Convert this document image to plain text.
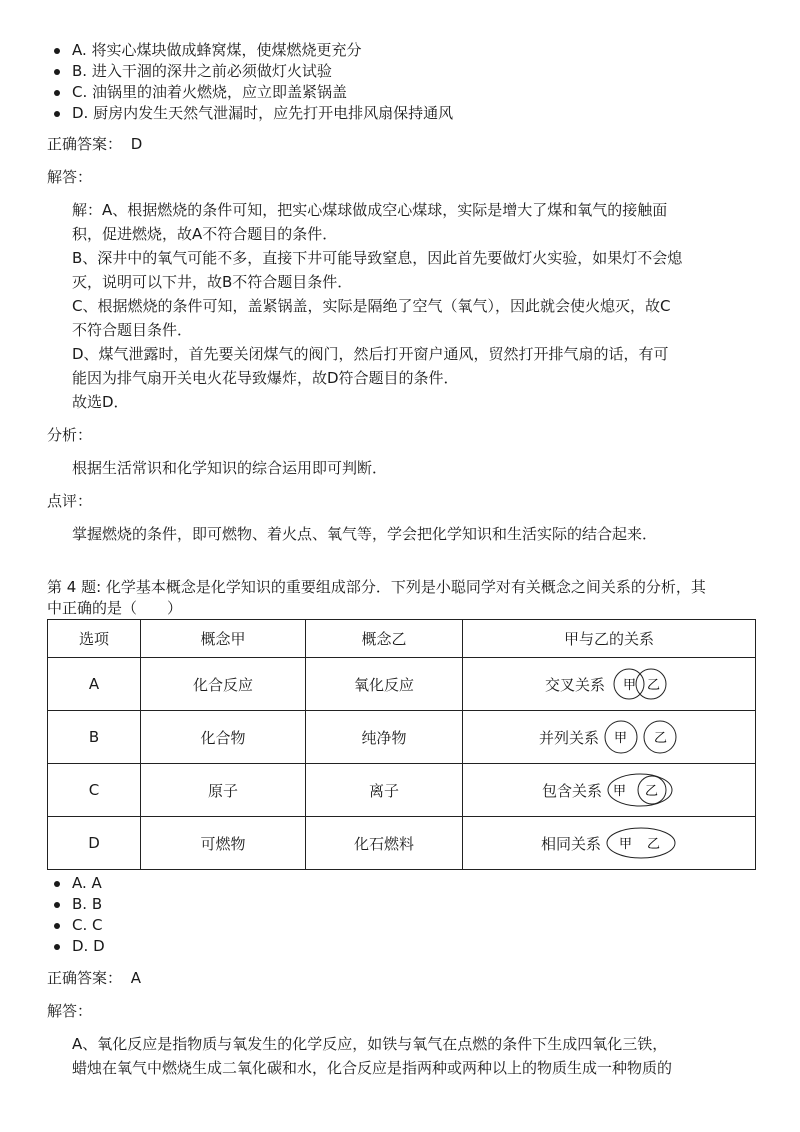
A. 将实心煤块做成蜂窝煤，使煤燃烧更充分
B. 进入干涸的深井之前必须做灯火试验
C. 油锅里的油着火燃烧，应立即盖紧锅盖
D. 厨房内发生天然气泄漏时，应先打开电排风扇保持通风
正确答案： D
解答：
解：A、根据燃烧的条件可知，把实心煤球做成空心煤球，实际是增大了煤和氧气的接触面
积，促进燃烧，故A不符合题目的条件．
B、深井中的氧气可能不多，直接下井可能导致窒息，因此首先要做灯火实验，如果灯不会熄
灭，说明可以下井，故B不符合题目条件．
C、根据燃烧的条件可知，盖紧锅盖，实际是隔绝了空气（氧气），因此就会使火熄灭，故C
不符合题目条件．
D、煤气泄露时，首先要关闭煤气的阀门，然后打开窗户通风，贸然打开排气扇的话，有可
能因为排气扇开关电火花导致爆炸，故D符合题目的条件．
故选D．
分析：
根据生活常识和化学知识的综合运用即可判断．
点评：
掌握燃烧的条件，即可燃物、着火点、氧气等，学会把化学知识和生活实际的结合起来．
第 4 题: 化学基本概念是化学知识的重要组成部分．下列是小聪同学对有关概念之间关系的分析，其
中正确的是（　　）
选项	概念甲	概念乙	甲与乙的关系
A	化合反应	氧化反应	交叉关系 甲 乙

B	化合物	纯净物	并列关系 甲 乙

C	原子	离子	包含关系 甲 乙

D	可燃物	化石燃料	相同关系 甲 乙
A. A
B. B
C. C
D. D
正确答案： A
解答：
A、氧化反应是指物质与氧发生的化学反应，如铁与氧气在点燃的条件下生成四氧化三铁，
蜡烛在氧气中燃烧生成二氧化碳和水，化合反应是指两种或两种以上的物质生成一种物质的
